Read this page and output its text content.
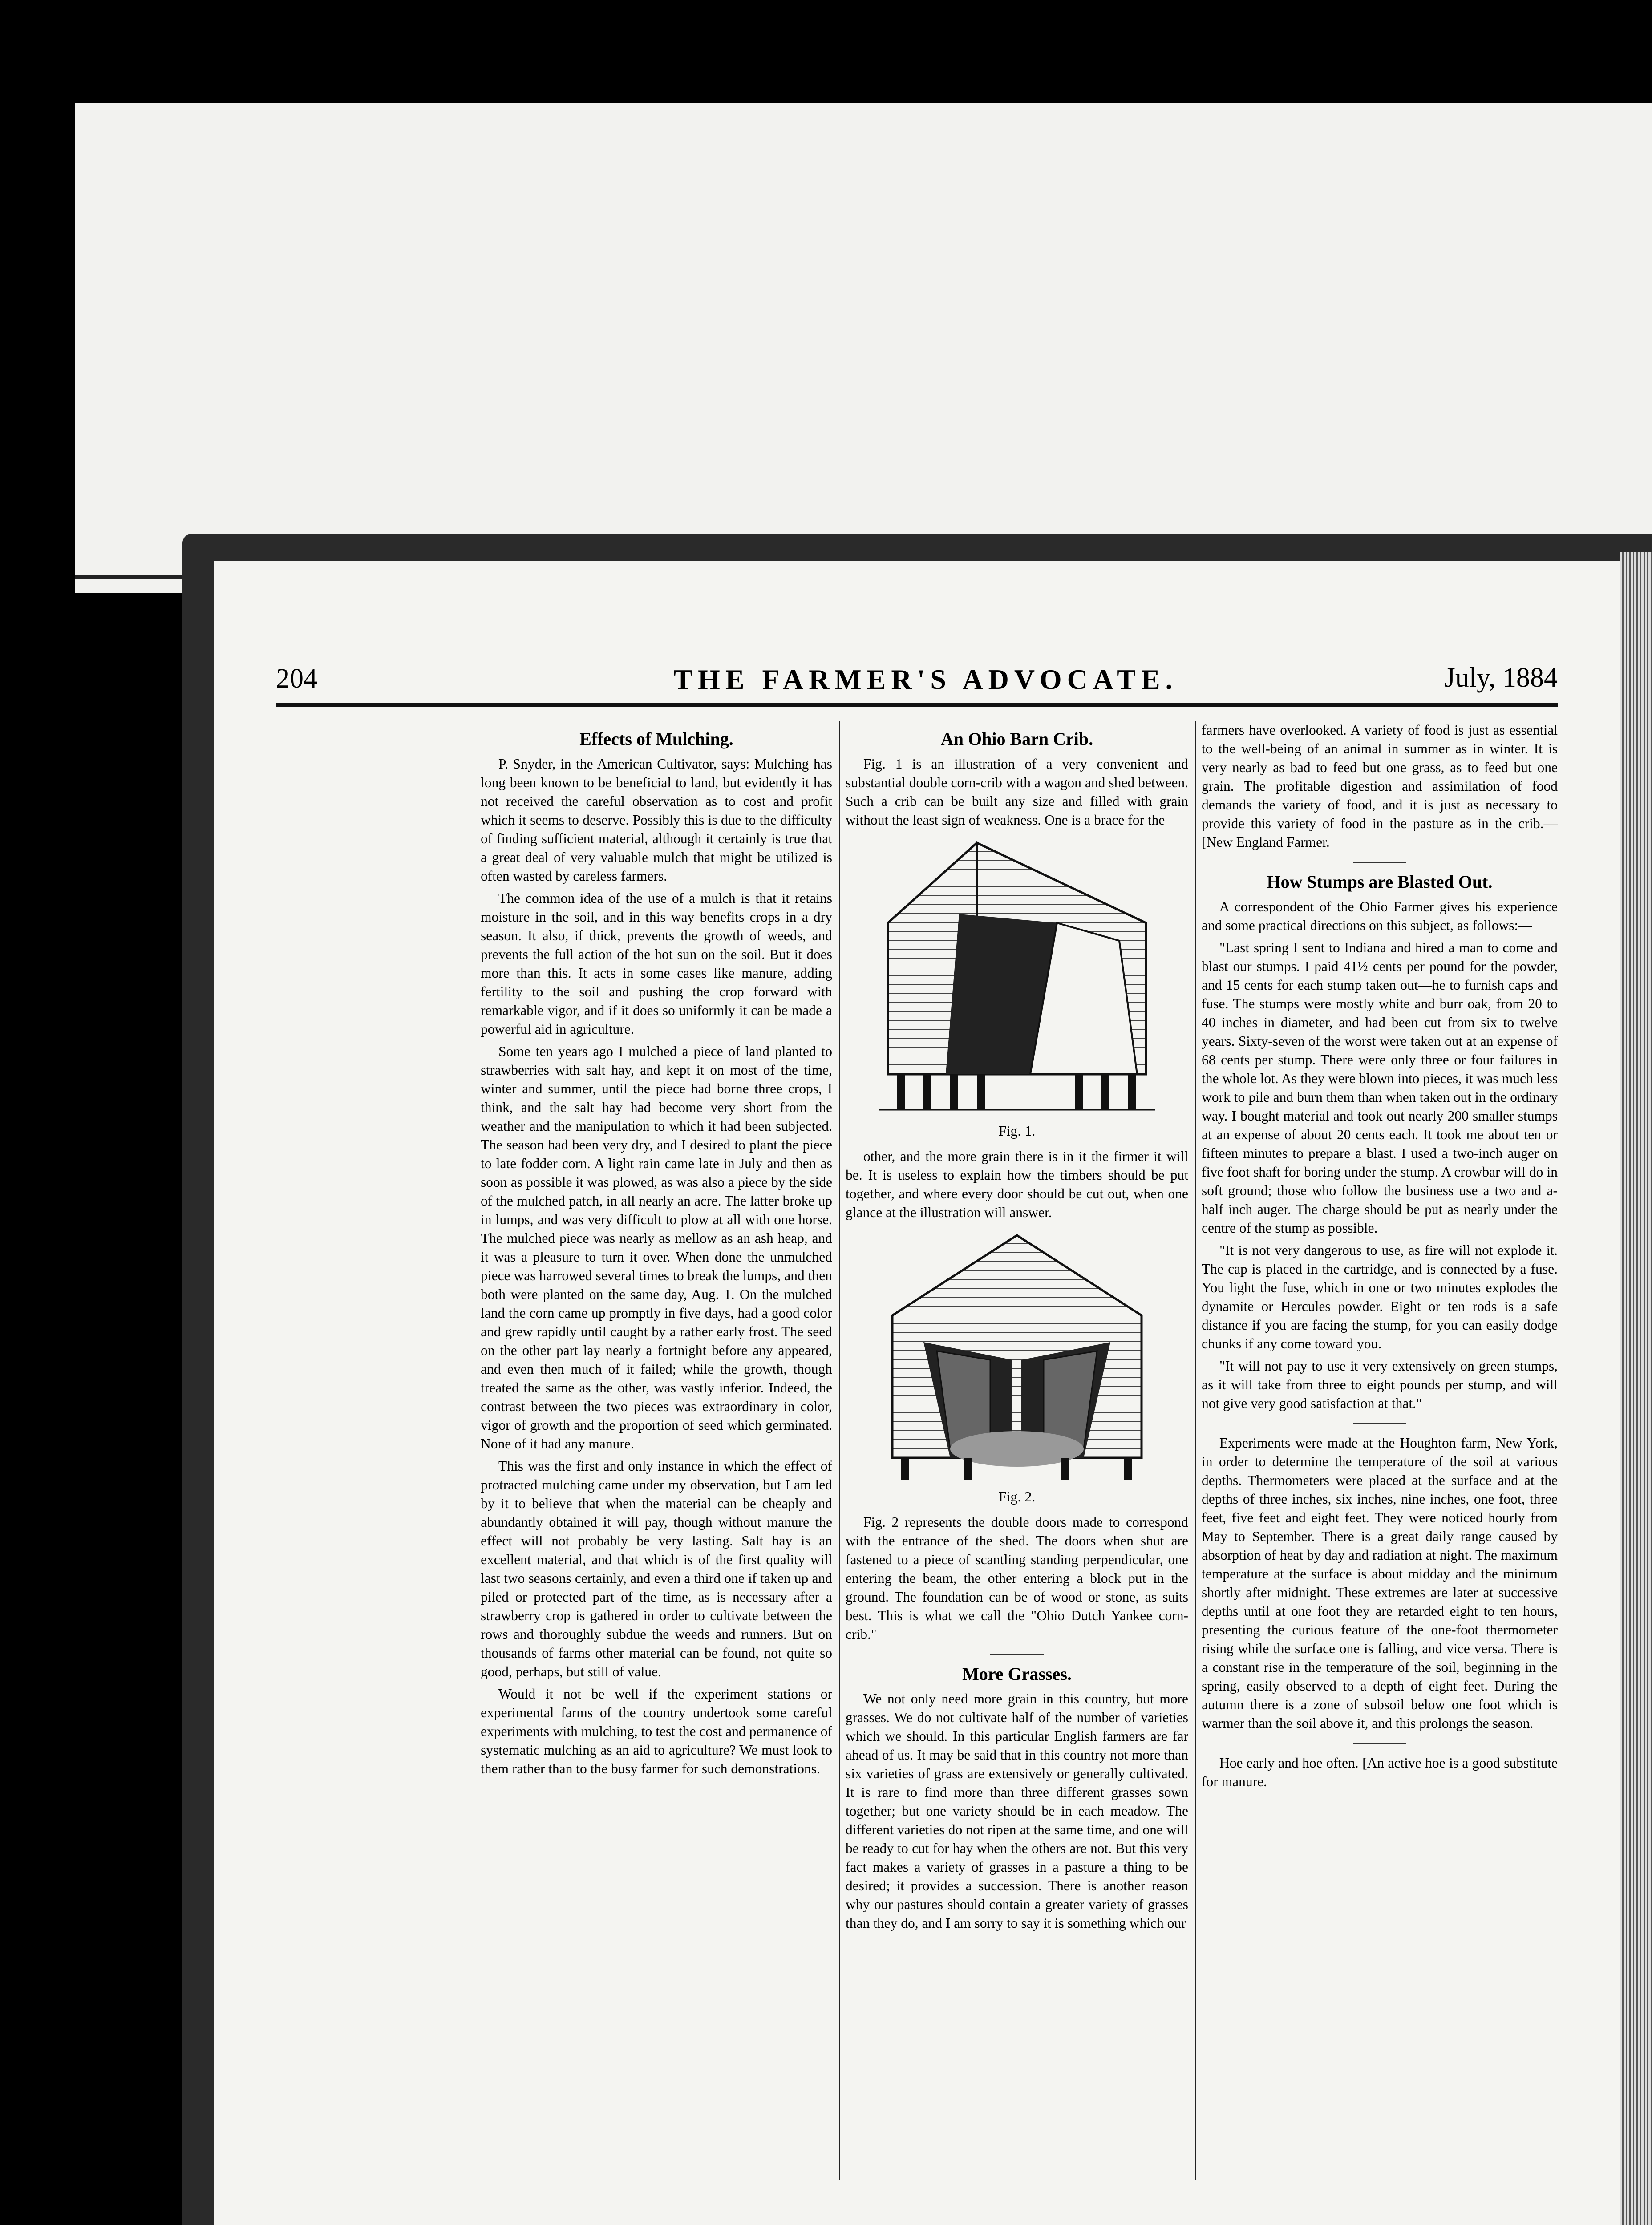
204	THE FARMER'S ADVOCATE.	July, 1884
Effects of Mulching.

P. Snyder, in the American Cultivator, says: Mulching has long been known to be beneficial to land, but evidently it has not received the careful observation as to cost and profit which it seems to deserve. Possibly this is due to the difficulty of finding sufficient material, although it certainly is true that a great deal of very valuable mulch that might be utilized is often wasted by careless farmers.

The common idea of the use of a mulch is that it retains moisture in the soil, and in this way benefits crops in a dry season. It also, if thick, prevents the growth of weeds, and prevents the full action of the hot sun on the soil. But it does more than this. It acts in some cases like manure, adding fertility to the soil and pushing the crop forward with remarkable vigor, and if it does so uniformly it can be made a powerful aid in agriculture.

Some ten years ago I mulched a piece of land planted to strawberries with salt hay, and kept it on most of the time, winter and summer, until the piece had borne three crops, I think, and the salt hay had become very short from the weather and the manipulation to which it had been subjected. The season had been very dry, and I desired to plant the piece to late fodder corn. A light rain came late in July and then as soon as possible it was plowed, as was also a piece by the side of the mulched patch, in all nearly an acre. The latter broke up in lumps, and was very difficult to plow at all with one horse. The mulched piece was nearly as mellow as an ash heap, and it was a pleasure to turn it over. When done the unmulched piece was harrowed several times to break the lumps, and then both were planted on the same day, Aug. 1. On the mulched land the corn came up promptly in five days, had a good color and grew rapidly until caught by a rather early frost. The seed on the other part lay nearly a fortnight before any appeared, and even then much of it failed; while the growth, though treated the same as the other, was vastly inferior. Indeed, the contrast between the two pieces was extraordinary in color, vigor of growth and the proportion of seed which germinated. None of it had any manure.

This was the first and only instance in which the effect of protracted mulching came under my observation, but I am led by it to believe that when the material can be cheaply and abundantly obtained it will pay, though without manure the effect will not probably be very lasting. Salt hay is an excellent material, and that which is of the first quality will last two seasons certainly, and even a third one if taken up and piled or protected part of the time, as is necessary after a strawberry crop is gathered in order to cultivate between the rows and thoroughly subdue the weeds and runners. But on thousands of farms other material can be found, not quite so good, perhaps, but still of value.

Would it not be well if the experiment stations or experimental farms of the country undertook some careful experiments with mulching, to test the cost and permanence of systematic mulching as an aid to agriculture? We must look to them rather than to the busy farmer for such demonstrations.

An Ohio Barn Crib.

Fig. 1 is an illustration of a very convenient and substantial double corn-crib with a wagon and shed between. Such a crib can be built any size and filled with grain without the least sign of weakness. One is a brace for the

Fig. 1.

other, and the more grain there is in it the firmer it will be. It is useless to explain how the timbers should be put together, and where every door should be cut out, when one glance at the illustration will answer.

Fig. 2.

Fig. 2 represents the double doors made to correspond with the entrance of the shed. The doors when shut are fastened to a piece of scantling standing perpendicular, one entering the beam, the other entering a block put in the ground. The foundation can be of wood or stone, as suits best. This is what we call the "Ohio Dutch Yankee corn-crib."

More Grasses.

We not only need more grain in this country, but more grasses. We do not cultivate half of the number of varieties which we should. In this particular English farmers are far ahead of us. It may be said that in this country not more than six varieties of grass are extensively or generally cultivated. It is rare to find more than three different grasses sown together; but one variety should be in each meadow. The different varieties do not ripen at the same time, and one will be ready to cut for hay when the others are not. But this very fact makes a variety of grasses in a pasture a thing to be desired; it provides a succession. There is another reason why our pastures should contain a greater variety of grasses than they do, and I am sorry to say it is something which our

farmers have overlooked. A variety of food is just as essential to the well-being of an animal in summer as in winter. It is very nearly as bad to feed but one grass, as to feed but one grain. The profitable digestion and assimilation of food demands the variety of food, and it is just as necessary to provide this variety of food in the pasture as in the crib.—[New England Farmer.

How Stumps are Blasted Out.

A correspondent of the Ohio Farmer gives his experience and some practical directions on this subject, as follows:—

"Last spring I sent to Indiana and hired a man to come and blast our stumps. I paid 41½ cents per pound for the powder, and 15 cents for each stump taken out—he to furnish caps and fuse. The stumps were mostly white and burr oak, from 20 to 40 inches in diameter, and had been cut from six to twelve years. Sixty-seven of the worst were taken out at an expense of 68 cents per stump. There were only three or four failures in the whole lot. As they were blown into pieces, it was much less work to pile and burn them than when taken out in the ordinary way. I bought material and took out nearly 200 smaller stumps at an expense of about 20 cents each. It took me about ten or fifteen minutes to prepare a blast. I used a two-inch auger on five foot shaft for boring under the stump. A crowbar will do in soft ground; those who follow the business use a two and a-half inch auger. The charge should be put as nearly under the centre of the stump as possible.

"It is not very dangerous to use, as fire will not explode it. The cap is placed in the cartridge, and is connected by a fuse. You light the fuse, which in one or two minutes explodes the dynamite or Hercules powder. Eight or ten rods is a safe distance if you are facing the stump, for you can easily dodge chunks if any come toward you.

"It will not pay to use it very extensively on green stumps, as it will take from three to eight pounds per stump, and will not give very good satisfaction at that."

Experiments were made at the Houghton farm, New York, in order to determine the temperature of the soil at various depths. Thermometers were placed at the surface and at the depths of three inches, six inches, nine inches, one foot, three feet, five feet and eight feet. They were noticed hourly from May to September. There is a great daily range caused by absorption of heat by day and radiation at night. The maximum temperature at the surface is about midday and the minimum shortly after midnight. These extremes are later at successive depths until at one foot they are retarded eight to ten hours, presenting the curious feature of the one-foot thermometer rising while the surface one is falling, and vice versa. There is a constant rise in the temperature of the soil, beginning in the spring, easily observed to a depth of eight feet. During the autumn there is a zone of subsoil below one foot which is warmer than the soil above it, and this prolongs the season.

Hoe early and hoe often. [An active hoe is a good substitute for manure.
